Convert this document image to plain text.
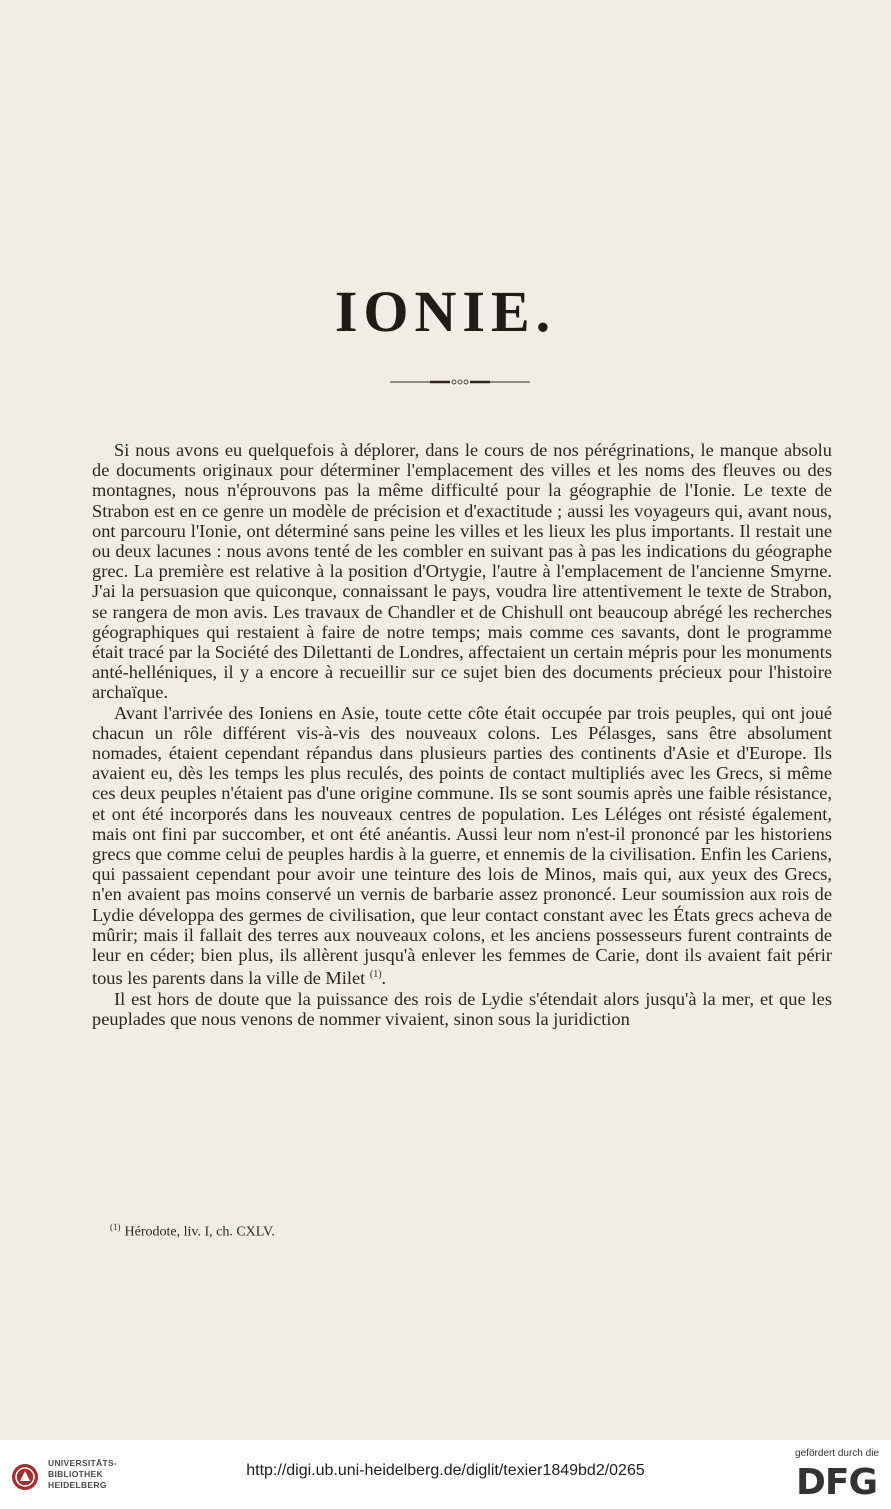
IONIE.

Si nous avons eu quelquefois à déplorer, dans le cours de nos pérégrinations, le manque absolu de documents originaux pour déterminer l'emplacement des villes et les noms des fleuves ou des montagnes, nous n'éprouvons pas la même difficulté pour la géographie de l'Ionie. Le texte de Strabon est en ce genre un modèle de précision et d'exactitude ; aussi les voyageurs qui, avant nous, ont parcouru l'Ionie, ont déterminé sans peine les villes et les lieux les plus importants. Il restait une ou deux lacunes : nous avons tenté de les combler en suivant pas à pas les indications du géographe grec. La première est relative à la position d'Ortygie, l'autre à l'emplacement de l'ancienne Smyrne. J'ai la persuasion que quiconque, connaissant le pays, voudra lire attentivement le texte de Strabon, se rangera de mon avis. Les travaux de Chandler et de Chishull ont beaucoup abrégé les recherches géographiques qui restaient à faire de notre temps; mais comme ces savants, dont le programme était tracé par la Société des Dilettanti de Londres, affectaient un certain mépris pour les monuments anté-helléniques, il y a encore à recueillir sur ce sujet bien des documents précieux pour l'histoire archaïque.

Avant l'arrivée des Ioniens en Asie, toute cette côte était occupée par trois peuples, qui ont joué chacun un rôle différent vis-à-vis des nouveaux colons. Les Pélasges, sans être absolument nomades, étaient cependant répandus dans plusieurs parties des continents d'Asie et d'Europe. Ils avaient eu, dès les temps les plus reculés, des points de contact multipliés avec les Grecs, si même ces deux peuples n'étaient pas d'une origine commune. Ils se sont soumis après une faible résistance, et ont été incorporés dans les nouveaux centres de population. Les Léléges ont résisté également, mais ont fini par succomber, et ont été anéantis. Aussi leur nom n'est-il prononcé par les historiens grecs que comme celui de peuples hardis à la guerre, et ennemis de la civilisation. Enfin les Cariens, qui passaient cependant pour avoir une teinture des lois de Minos, mais qui, aux yeux des Grecs, n'en avaient pas moins conservé un vernis de barbarie assez prononcé. Leur soumission aux rois de Lydie développa des germes de civilisation, que leur contact constant avec les États grecs acheva de mûrir; mais il fallait des terres aux nouveaux colons, et les anciens possesseurs furent contraints de leur en céder; bien plus, ils allèrent jusqu'à enlever les femmes de Carie, dont ils avaient fait périr tous les parents dans la ville de Milet $^{(1)}$.

Il est hors de doute que la puissance des rois de Lydie s'étendait alors jusqu'à la mer, et que les peuplades que nous venons de nommer vivaient, sinon sous la juridiction

$^{(1)}$ Hérodote, liv. I, ch. CXLV.
UNIVERSITÄTS-
BIBLIOTHEK
HEIDELBERG
http://digi.ub.uni-heidelberg.de/diglit/texier1849bd2/0265
gefördert durch die
DFG
